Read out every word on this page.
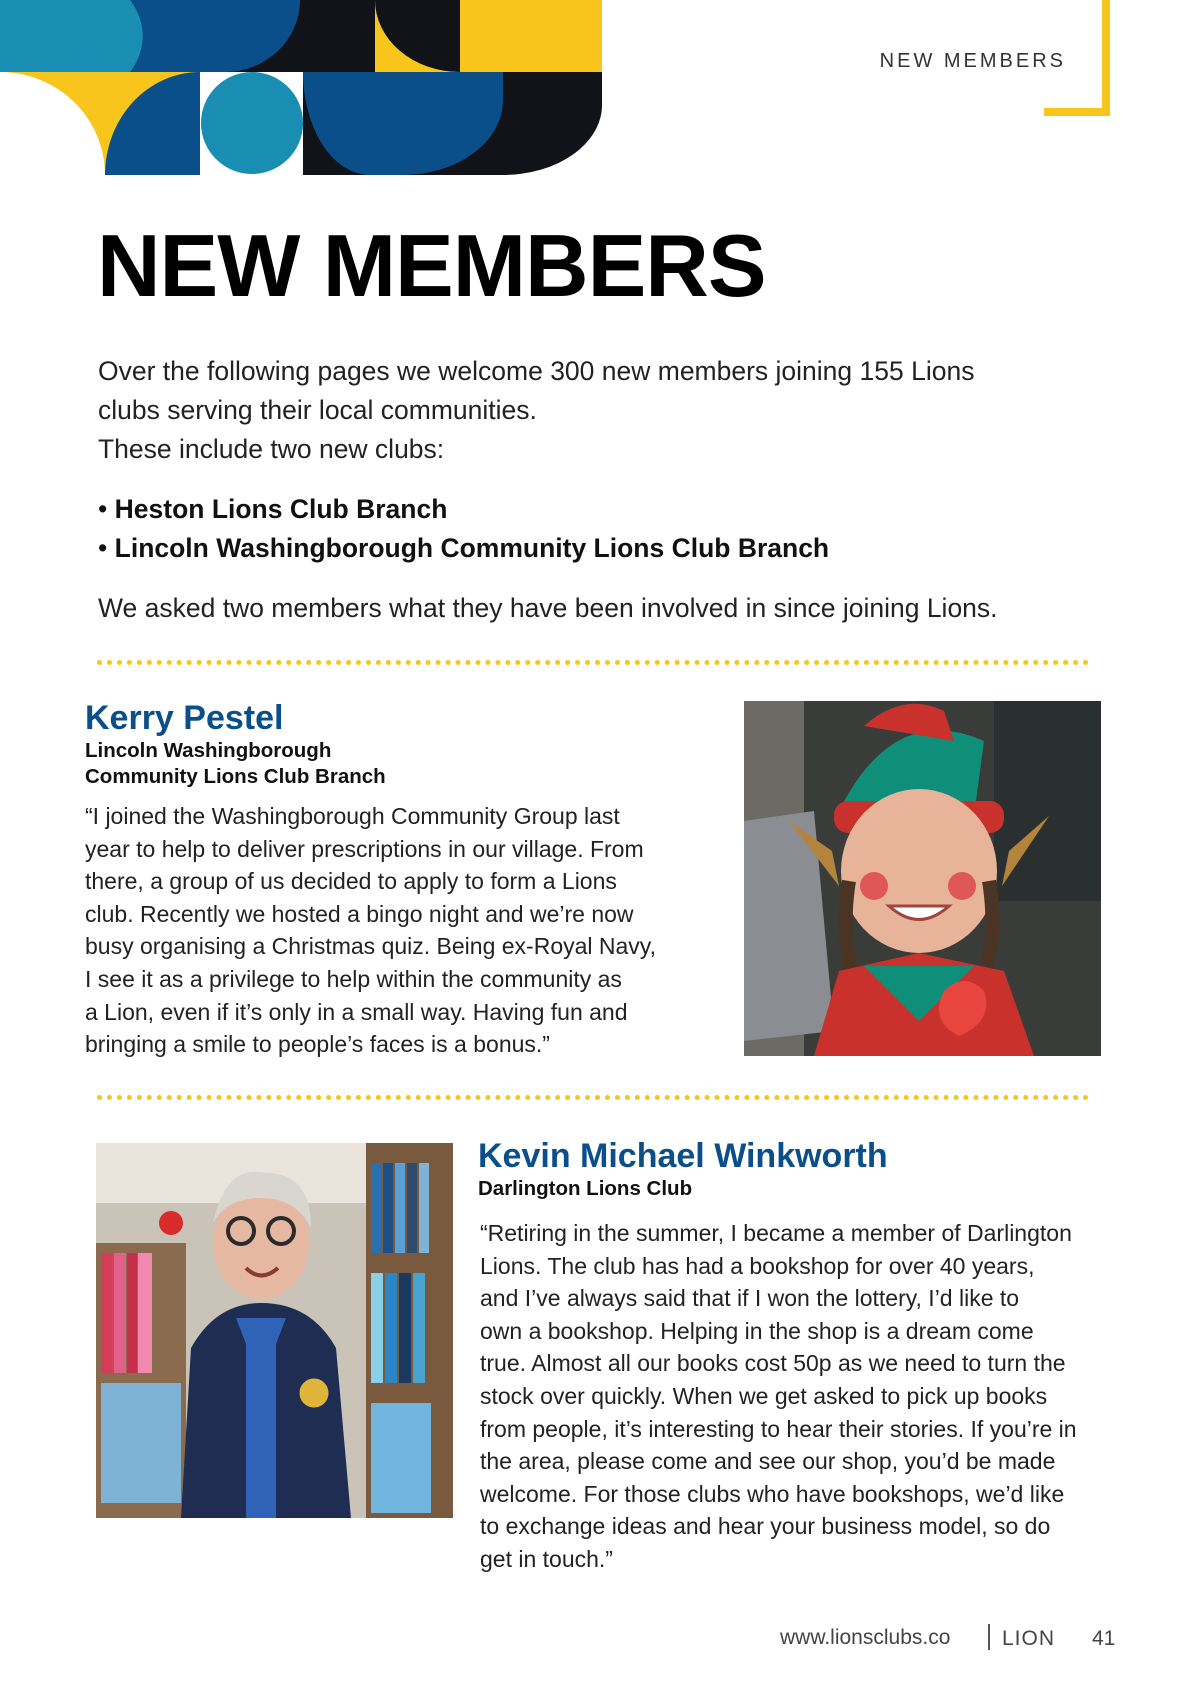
NEW MEMBERS
NEW MEMBERS
Over the following pages we welcome 300 new members joining 155 Lions
clubs serving their local communities.
These include two new clubs:
• Heston Lions Club Branch
• Lincoln Washingborough Community Lions Club Branch
We asked two members what they have been involved in since joining Lions.
Kerry Pestel
Lincoln Washingborough
Community Lions Club Branch
“I joined the Washingborough Community Group last
year to help to deliver prescriptions in our village. From
there, a group of us decided to apply to form a Lions
club. Recently we hosted a bingo night and we’re now
busy organising a Christmas quiz. Being ex-Royal Navy,
I see it as a privilege to help within the community as
a Lion, even if it’s only in a small way. Having fun and
bringing a smile to people’s faces is a bonus.”
Kevin Michael Winkworth
Darlington Lions Club
“Retiring in the summer, I became a member of Darlington
Lions. The club has had a bookshop for over 40 years,
and I’ve always said that if I won the lottery, I’d like to
own a bookshop. Helping in the shop is a dream come
true. Almost all our books cost 50p as we need to turn the
stock over quickly. When we get asked to pick up books
from people, it’s interesting to hear their stories. If you’re in
the area, please come and see our shop, you’d be made
welcome. For those clubs who have bookshops, we’d like
to exchange ideas and hear your business model, so do
get in touch.”
www.lionsclubs.co LION 41
